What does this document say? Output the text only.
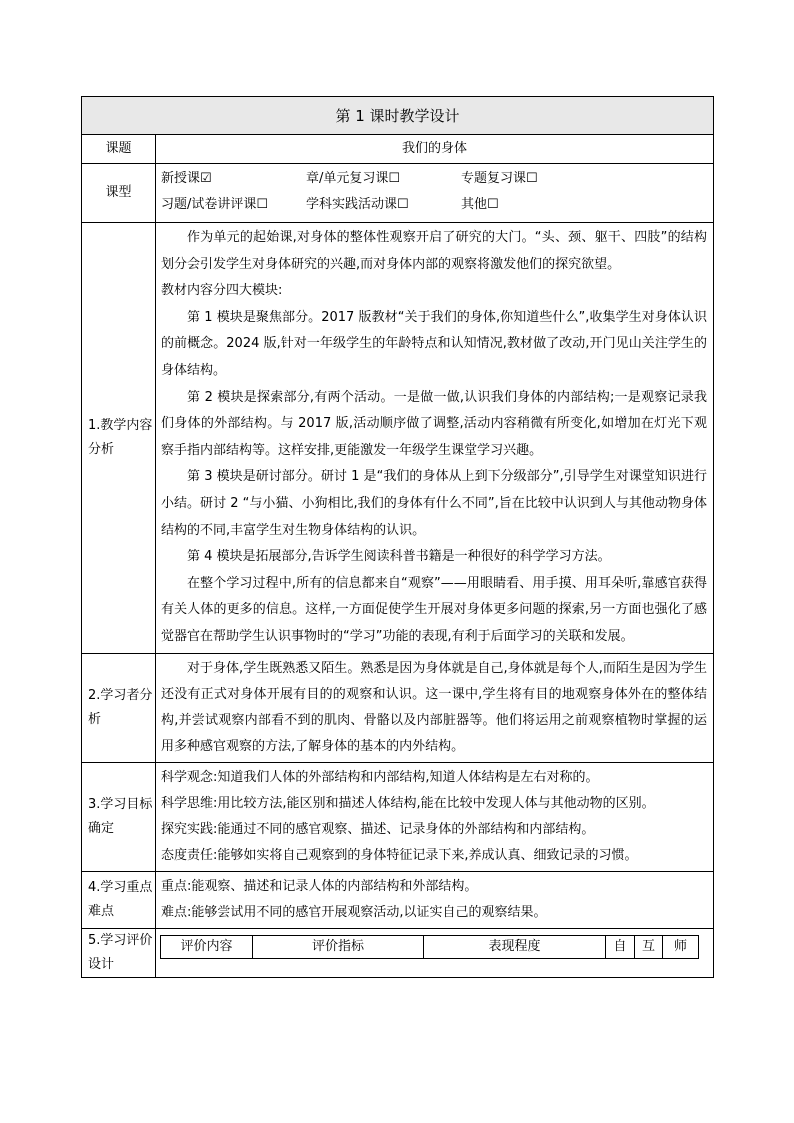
第 1 课时教学设计
课题	我们的身体
课型	
新授课☑	章/单元复习课☐	专题复习课☐
习题/试卷讲评课☐	学科实践活动课☐	其他☐

1.教学内容分析	

作为单元的起始课,对身体的整体性观察开启了研究的大门。“头、颈、躯干、四肢”的结构划分会引发学生对身体研究的兴趣,而对身体内部的观察将激发他们的探究欲望。

教材内容分四大模块:

第 1 模块是聚焦部分。2017 版教材“关于我们的身体,你知道些什么”,收集学生对身体认识的前概念。2024 版,针对一年级学生的年龄特点和认知情况,教材做了改动,开门见山关注学生的身体结构。

第 2 模块是探索部分,有两个活动。一是做一做,认识我们身体的内部结构;一是观察记录我们身体的外部结构。与 2017 版,活动顺序做了调整,活动内容稍微有所变化,如增加在灯光下观察手指内部结构等。这样安排,更能激发一年级学生课堂学习兴趣。

第 3 模块是研讨部分。研讨 1 是“我们的身体从上到下分级部分”,引导学生对课堂知识进行小结。研讨 2 “与小猫、小狗相比,我们的身体有什么不同”,旨在比较中认识到人与其他动物身体结构的不同,丰富学生对生物身体结构的认识。

第 4 模块是拓展部分,告诉学生阅读科普书籍是一种很好的科学学习方法。

在整个学习过程中,所有的信息都来自“观察”——用眼睛看、用手摸、用耳朵听,靠感官获得有关人体的更多的信息。这样,一方面促使学生开展对身体更多问题的探索,另一方面也强化了感觉器官在帮助学生认识事物时的“学习”功能的表现,有利于后面学习的关联和发展。

2.学习者分析	

对于身体,学生既熟悉又陌生。熟悉是因为身体就是自己,身体就是每个人,而陌生是因为学生还没有正式对身体开展有目的的观察和认识。这一课中,学生将有目的地观察身体外在的整体结构,并尝试观察内部看不到的肌肉、骨骼以及内部脏器等。他们将运用之前观察植物时掌握的运用多种感官观察的方法,了解身体的基本的内外结构。

3.学习目标确定	

科学观念:知道我们人体的外部结构和内部结构,知道人体结构是左右对称的。

科学思维:用比较方法,能区别和描述人体结构,能在比较中发现人体与其他动物的区别。

探究实践:能通过不同的感官观察、描述、记录身体的外部结构和内部结构。

态度责任:能够如实将自己观察到的身体特征记录下来,养成认真、细致记录的习惯。

4.学习重点难点	

重点:能观察、描述和记录人体的内部结构和外部结构。

难点:能够尝试用不同的感官开展观察活动,以证实自己的观察结果。

5.学习评价设计	
评价内容	评价指标	表现程度	自	互	师
